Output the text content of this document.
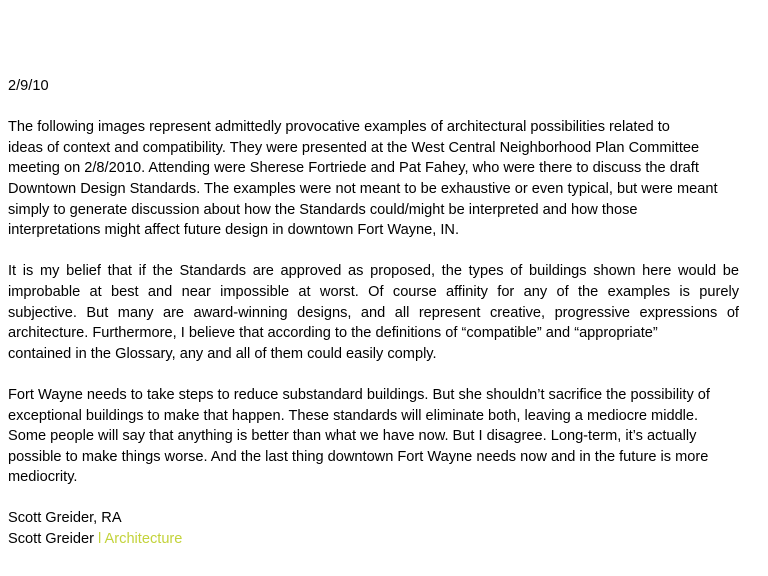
2/9/10
The following images represent admittedly provocative examples of architectural possibilities related to
ideas of context and compatibility. They were presented at the West Central Neighborhood Plan Committee
meeting on 2/8/2010. Attending were Sherese Fortriede and Pat Fahey, who were there to discuss the draft
Downtown Design Standards. The examples were not meant to be exhaustive or even typical, but were meant
simply to generate discussion about how the Standards could/might be interpreted and how those
interpretations might affect future design in downtown Fort Wayne, IN.
It is my belief that if the Standards are approved as proposed, the types of buildings shown here would be
improbable at best and near impossible at worst. Of course affinity for any of the examples is purely
subjective. But many are award-winning designs, and all represent creative, progressive expressions of
architecture. Furthermore, I believe that according to the definitions of “compatible” and “appropriate”
contained in the Glossary, any and all of them could easily comply.
Fort Wayne needs to take steps to reduce substandard buildings. But she shouldn’t sacrifice the possibility of
exceptional buildings to make that happen. These standards will eliminate both, leaving a mediocre middle.
Some people will say that anything is better than what we have now. But I disagree. Long-term, it’s actually
possible to make things worse. And the last thing downtown Fort Wayne needs now and in the future is more
mediocrity.
Scott Greider, RA
Scott Greider l Architecture
